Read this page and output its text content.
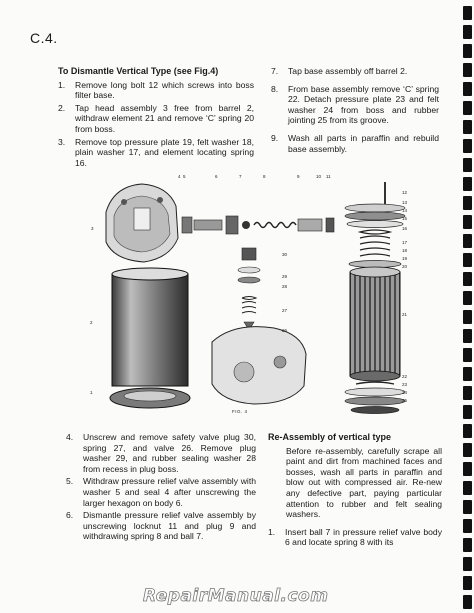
C.4.
To Dismantle Vertical Type (see Fig.4)
1. Remove long bolt 12 which screws into boss filter base.
2. Tap head assembly 3 free from barrel 2, withdraw element 21 and remove ‘C’ spring 20 from boss.
3. Remove top pressure plate 19, felt washer 18, plain washer 17, and element locating spring 16.
7. Tap base assembly off barrel 2.
8. From base assembly remove ‘C’ spring 22. Detach pressure plate 23 and felt washer 24 from boss and rubber jointing 25 from its groove.
9. Wash all parts in paraffin and rebuild base assembly.
3
4 5	6	7	8	9	10 11
12
13
14
15
16
17
18
19
20
21
22
23
24
25
26
27
28
29
30
1
2
FIG. 4
4. Unscrew and remove safety valve plug 30, spring 27, and valve 26. Remove plug washer 29, and rubber sealing washer 28 from recess in plug boss.
5. Withdraw pressure relief valve assembly with washer 5 and seal 4 after unscrewing the larger hexagon on body 6.
6. Dismantle pressure relief valve assembly by unscrewing locknut 11 and plug 9 and withdrawing spring 8 and ball 7.
Re-Assembly of vertical type
Before re-assembly, carefully scrape all paint and dirt from machined faces and bosses, wash all parts in paraffin and blow out with compressed air. Re-new any defective part, paying particular attention to rubber and felt sealing washers.
1. Insert ball 7 in pressure relief valve body 6 and locate spring 8 with its
RepairManual.com
